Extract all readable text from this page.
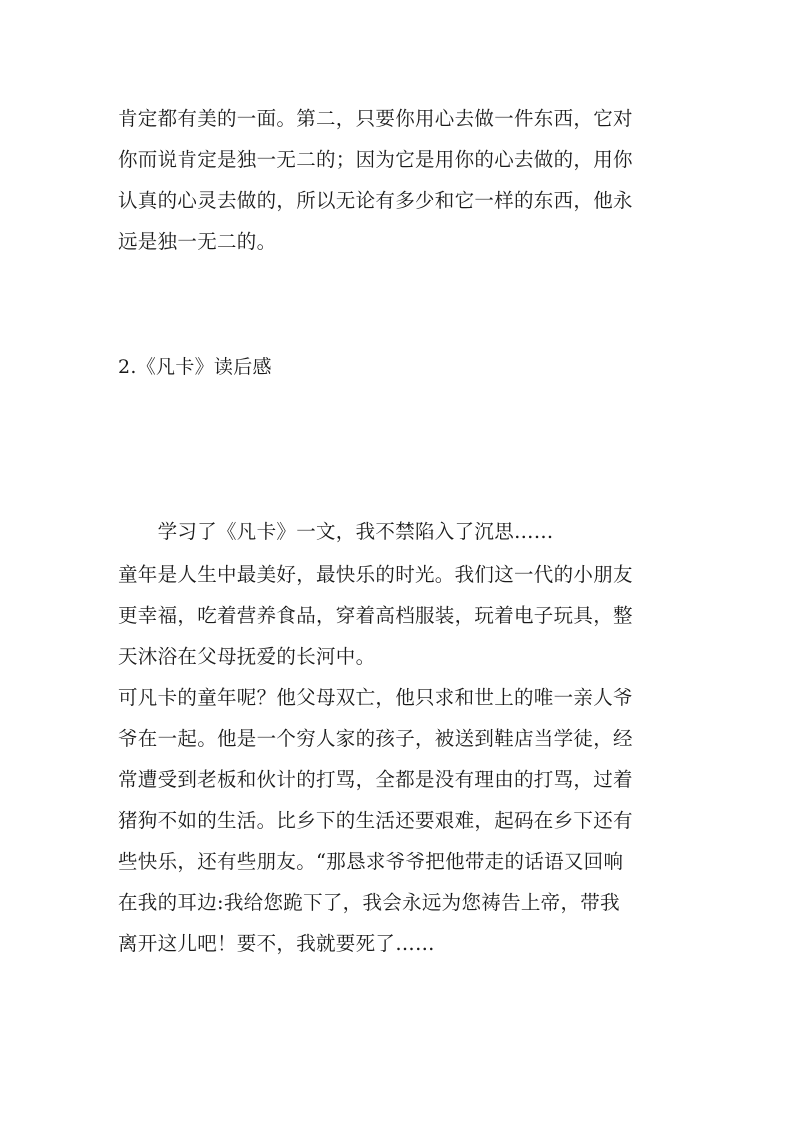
肯定都有美的一面。第二，只要你用心去做一件东西，它对
你而说肯定是独一无二的；因为它是用你的心去做的，用你
认真的心灵去做的，所以无论有多少和它一样的东西，他永
远是独一无二的。
2.《凡卡》读后感
　　学习了《凡卡》一文，我不禁陷入了沉思……
童年是人生中最美好，最快乐的时光。我们这一代的小朋友
更幸福，吃着营养食品，穿着高档服装，玩着电子玩具，整
天沐浴在父母抚爱的长河中。
可凡卡的童年呢？他父母双亡，他只求和世上的唯一亲人爷
爷在一起。他是一个穷人家的孩子，被送到鞋店当学徒，经
常遭受到老板和伙计的打骂，全都是没有理由的打骂，过着
猪狗不如的生活。比乡下的生活还要艰难，起码在乡下还有
些快乐，还有些朋友。“那恳求爷爷把他带走的话语又回响
在我的耳边:我给您跪下了，我会永远为您祷告上帝，带我
离开这儿吧！要不，我就要死了……
